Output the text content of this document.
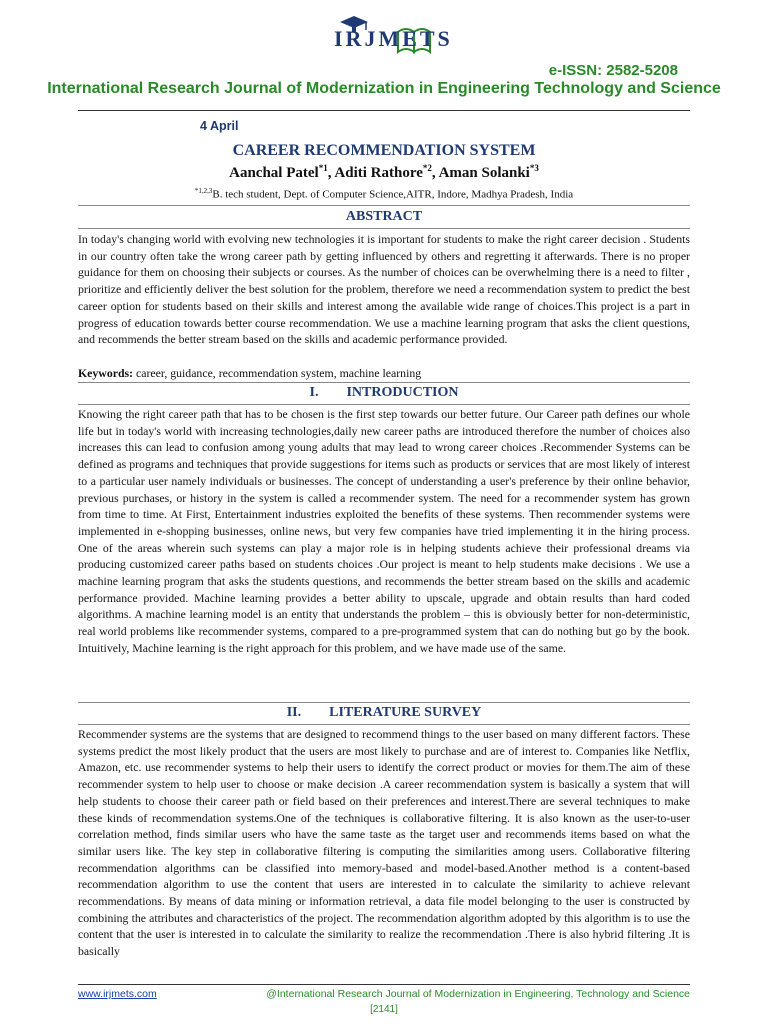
IRJMETS
e-ISSN: 2582-5208
International Research Journal of Modernization in Engineering Technology and Science
4 April
CAREER RECOMMENDATION SYSTEM
Aanchal Patel$^{*1}$, Aditi Rathore$^{*2}$, Aman Solanki$^{*3}$
$^{*1,2,3}$B. tech student, Dept. of Computer Science,AITR, Indore, Madhya Pradesh, India
ABSTRACT

In today's changing world with evolving new technologies it is important for students to make the right career decision . Students in our country often take the wrong career path by getting influenced by others and regretting it afterwards. There is no proper guidance for them on choosing their subjects or courses. As the number of choices can be overwhelming there is a need to filter , prioritize and efficiently deliver the best solution for the problem, therefore we need a recommendation system to predict the best career option for students based on their skills and interest among the available wide range of choices.This project is a part in progress of education towards better course recommendation. We use a machine learning program that asks the client questions, and recommends the better stream based on the skills and academic performance provided.

Keywords: career, guidance, recommendation system, machine learning
I. INTRODUCTION

Knowing the right career path that has to be chosen is the first step towards our better future. Our Career path defines our whole life but in today's world with increasing technologies,daily new career paths are introduced therefore the number of choices also increases this can lead to confusion among young adults that may lead to wrong career choices .Recommender Systems can be defined as programs and techniques that provide suggestions for items such as products or services that are most likely of interest to a particular user namely individuals or businesses. The concept of understanding a user's preference by their online behavior, previous purchases, or history in the system is called a recommender system. The need for a recommender system has grown from time to time. At First, Entertainment industries exploited the benefits of these systems. Then recommender systems were implemented in e-shopping businesses, online news, but very few companies have tried implementing it in the hiring process. One of the areas wherein such systems can play a major role is in helping students achieve their professional dreams via producing customized career paths based on students choices .Our project is meant to help students make decisions . We use a machine learning program that asks the students questions, and recommends the better stream based on the skills and academic performance provided. Machine learning provides a better ability to upscale, upgrade and obtain results than hard coded algorithms. A machine learning model is an entity that understands the problem – this is obviously better for non-deterministic, real world problems like recommender systems, compared to a pre-programmed system that can do nothing but go by the book. Intuitively, Machine learning is the right approach for this problem, and we have made use of the same.

II. LITERATURE SURVEY

Recommender systems are the systems that are designed to recommend things to the user based on many different factors. These systems predict the most likely product that the users are most likely to purchase and are of interest to. Companies like Netflix, Amazon, etc. use recommender systems to help their users to identify the correct product or movies for them.The aim of these recommender system to help user to choose or make decision .A career recommendation system is basically a system that will help students to choose their career path or field based on their preferences and interest.There are several techniques to make these kinds of recommendation systems.One of the techniques is collaborative filtering. It is also known as the user-to-user correlation method, finds similar users who have the same taste as the target user and recommends items based on what the similar users like. The key step in collaborative filtering is computing the similarities among users. Collaborative filtering recommendation algorithms can be classified into memory-based and model-based.Another method is a content-based recommendation algorithm to use the content that users are interested in to calculate the similarity to achieve relevant recommendations. By means of data mining or information retrieval, a data file model belonging to the user is constructed by combining the attributes and characteristics of the project. The recommendation algorithm adopted by this algorithm is to use the content that the user is interested in to calculate the similarity to realize the recommendation .There is also hybrid filtering .It is basically

www.irjmets.com	@International Research Journal of Modernization in Engineering, Technology and Science
[2141]
